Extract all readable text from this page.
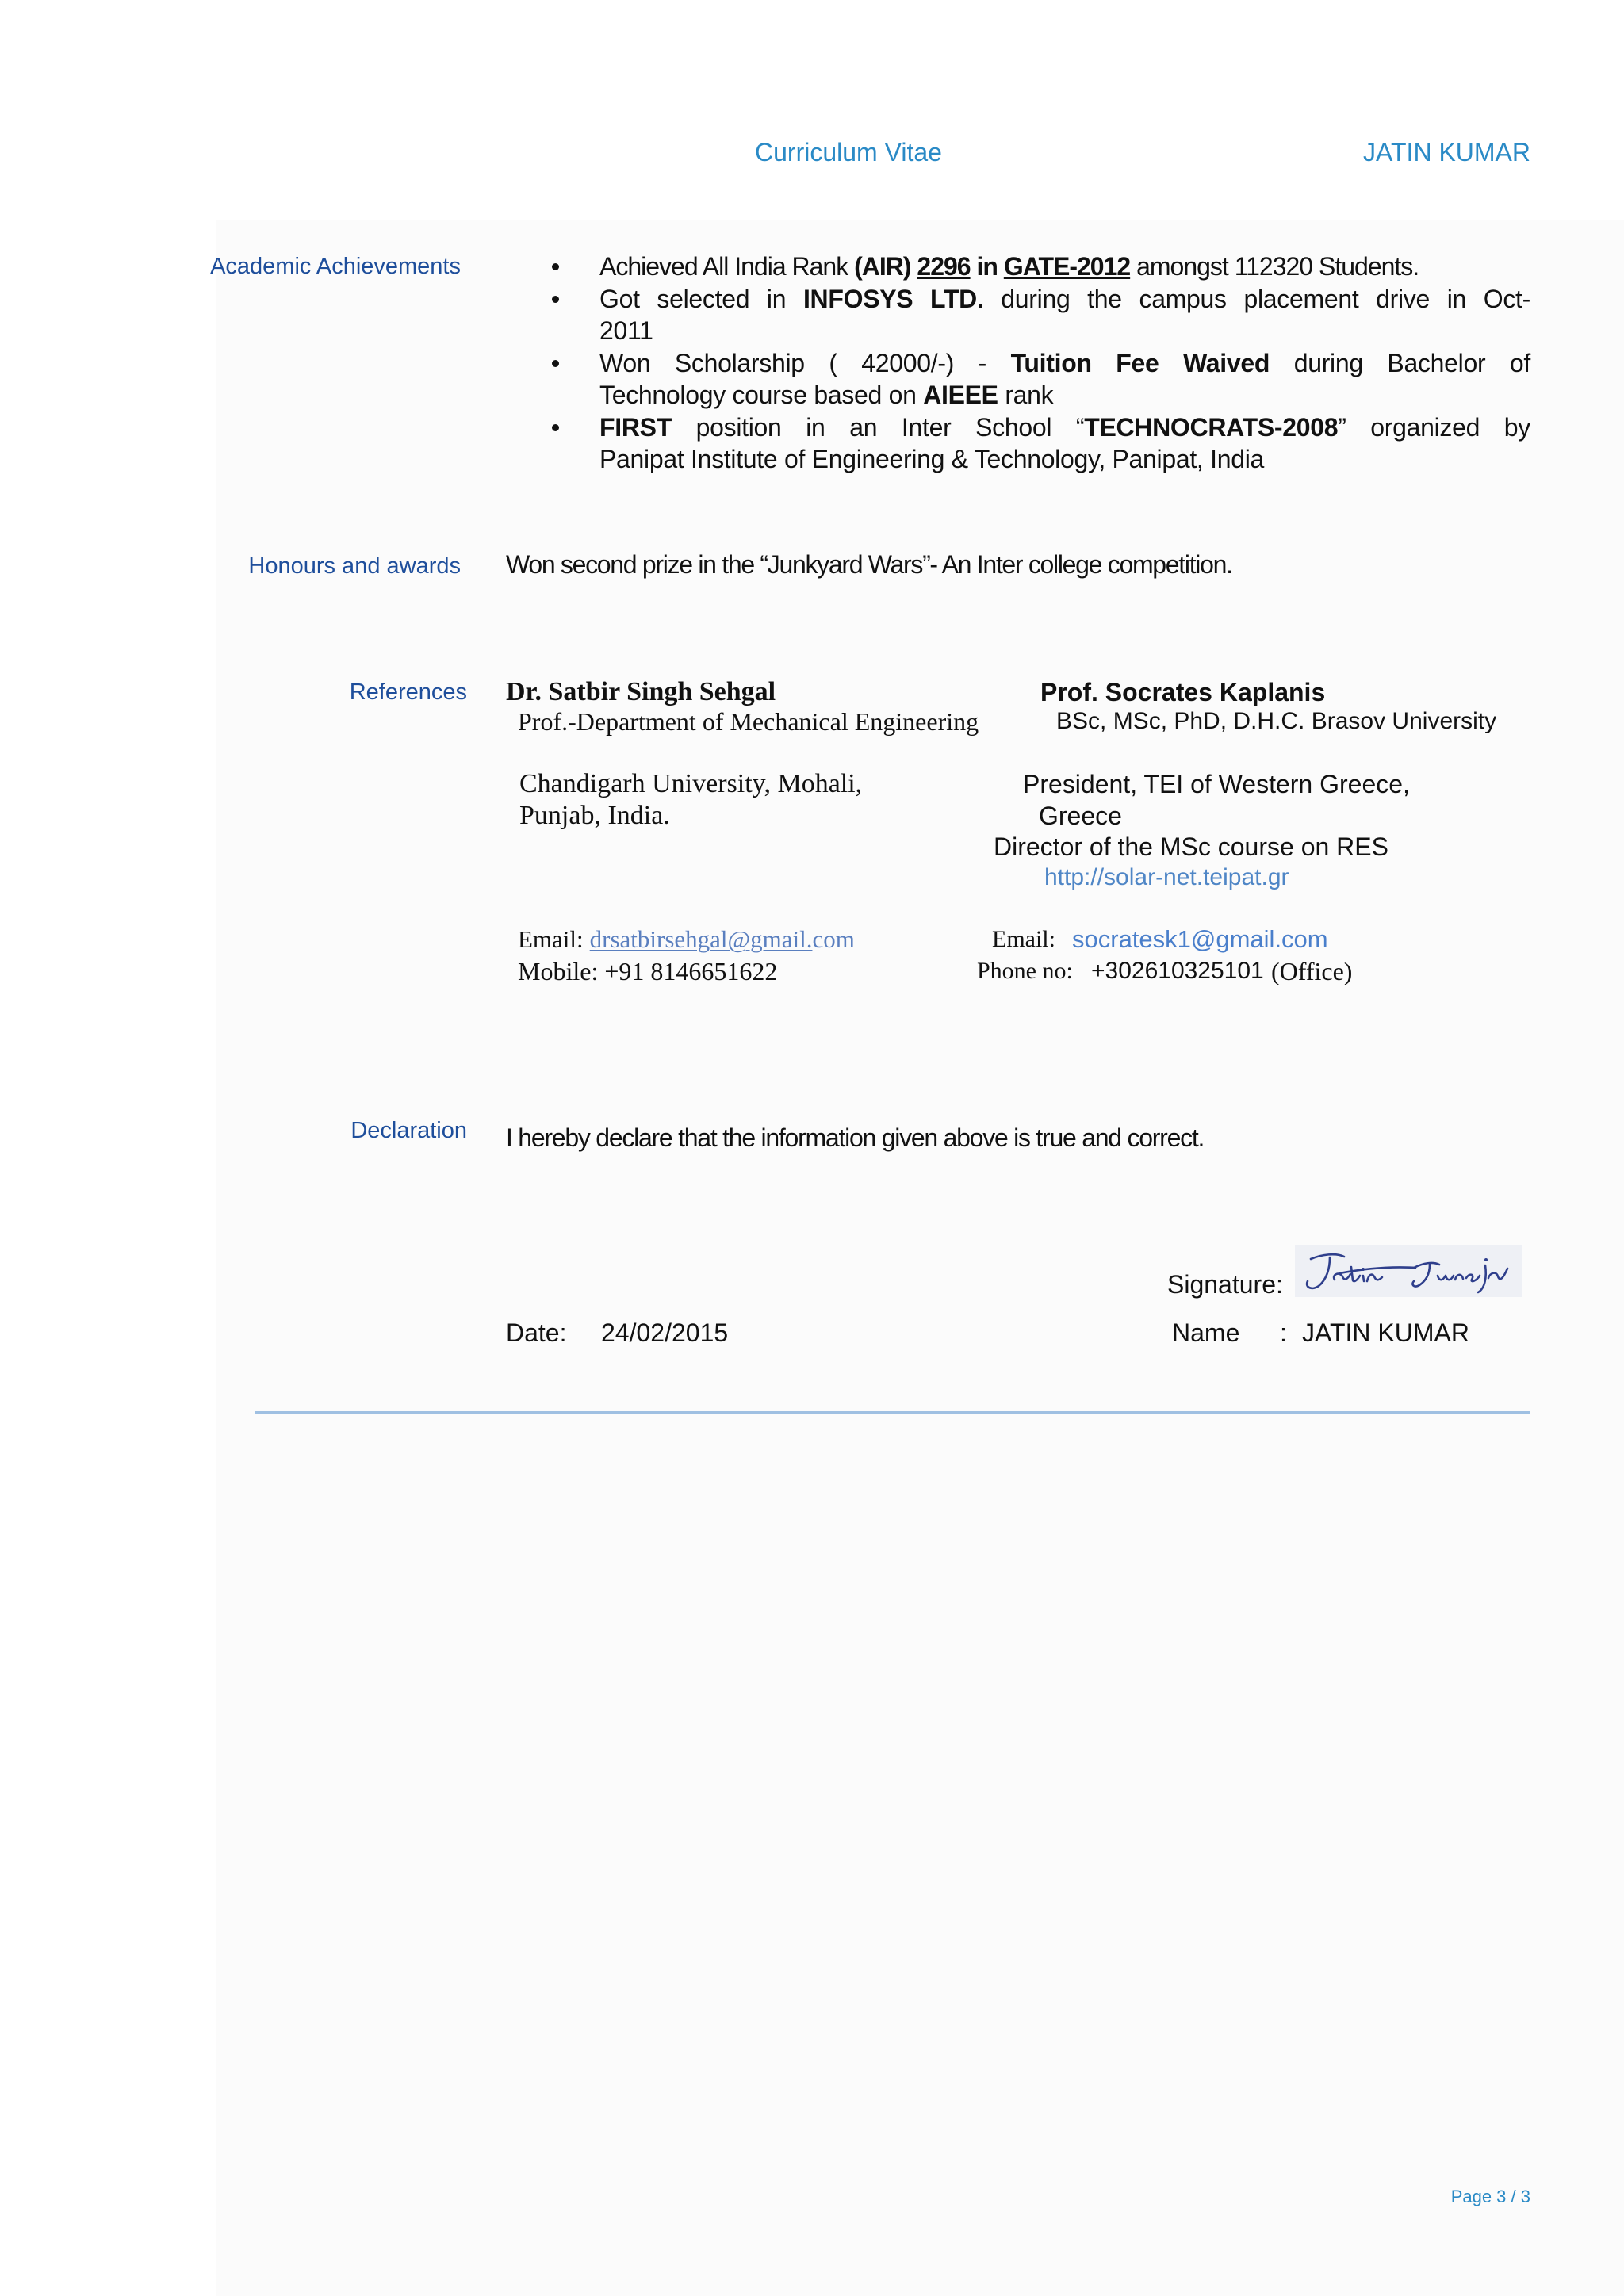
Curriculum Vitae	JATIN KUMAR
Academic Achievements	Achieved All India Rank (AIR) 2296 in GATE-2012 amongst 112320 Students.
Got selected in INFOSYS LTD. during the campus placement drive in Oct-
2011
Won Scholarship ( 42000/-) - Tuition Fee Waived during Bachelor of
Technology course based on AIEEE rank
FIRST position in an Inter School “TECHNOCRATS-2008” organized by
Panipat Institute of Engineering & Technology, Panipat, India
Honours and awards Won second prize in the “Junkyard Wars”- An Inter college competition.
References Dr. Satbir Singh Sehgal
Prof.-Department of Mechanical Engineering
Chandigarh University, Mohali,
Punjab, India.
Email: drsatbirsehgal@gmail.com
Mobile: +91 8146651622
Prof. Socrates Kaplanis
BSc, MSc, PhD, D.H.C. Brasov University
President, TEI of Western Greece,
Greece
Director of the MSc course on RES
http://solar-net.teipat.gr
Email: socratesk1@gmail.com
Phone no: +302610325101 (Office)
Declaration I hereby declare that the information given above is true and correct.
Signature:
Date: 24/02/2015	Name : JATIN KUMAR
Page 3 / 3
